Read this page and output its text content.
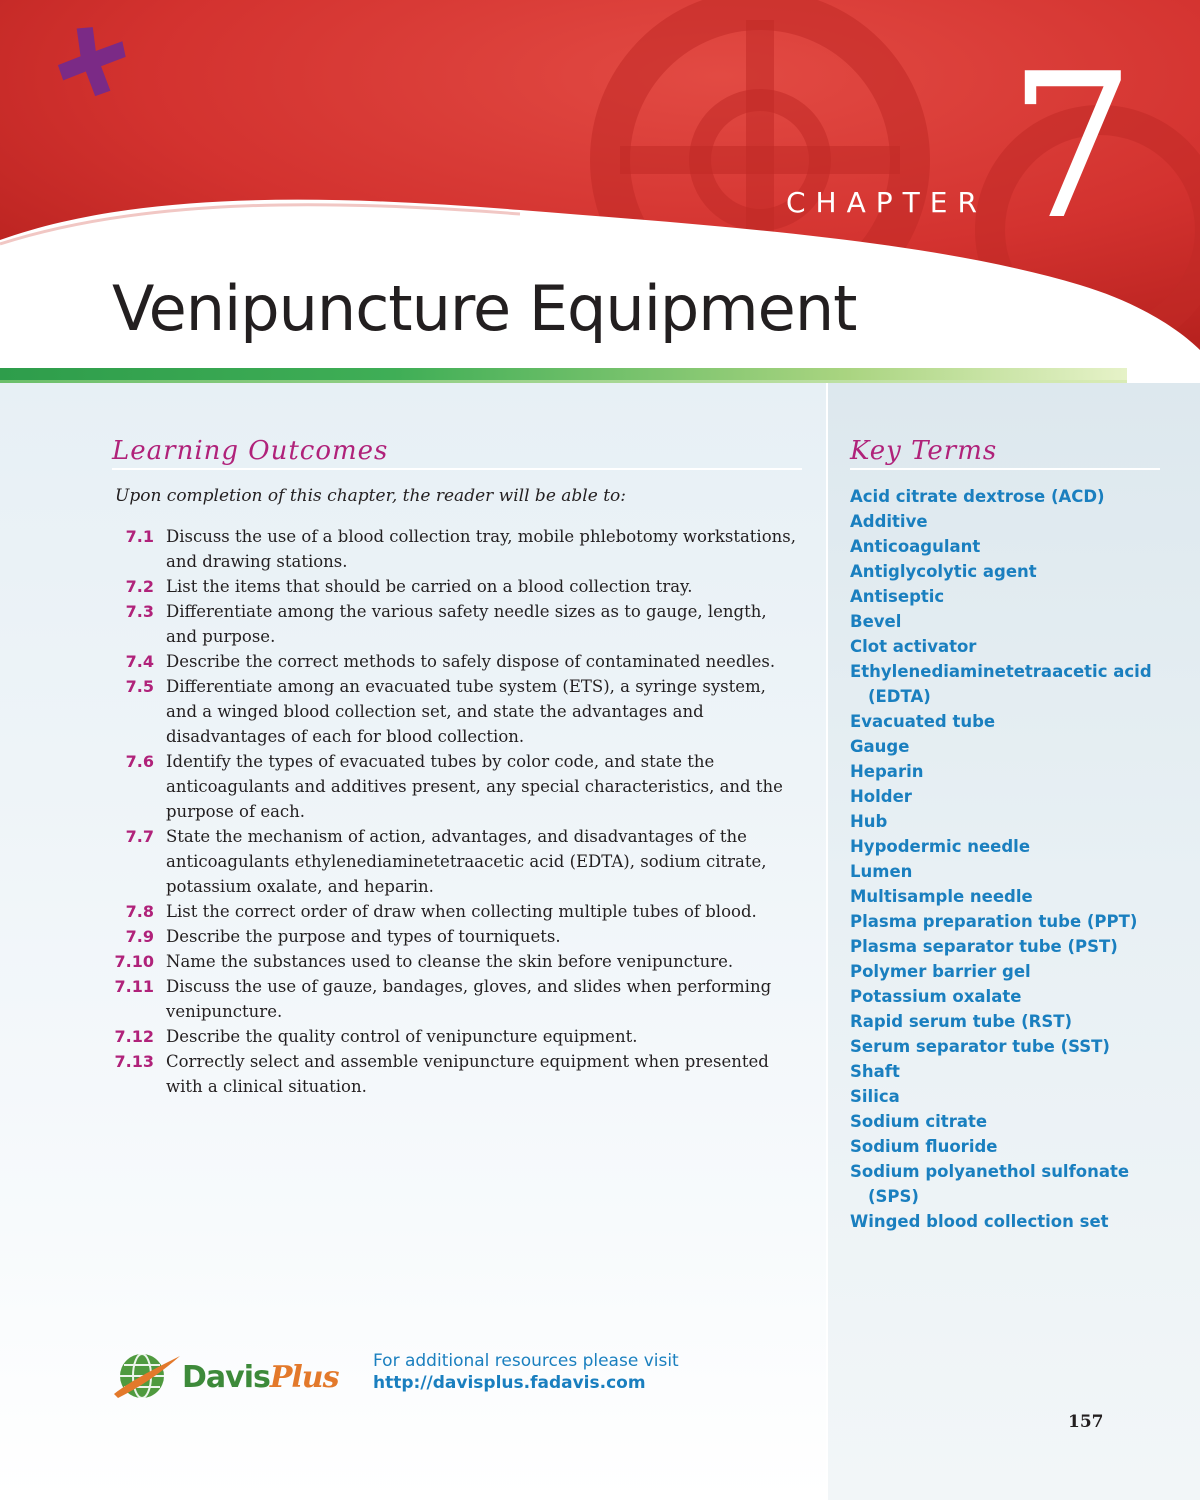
CHAPTER 7
Venipuncture Equipment
Learning Outcomes
Upon completion of this chapter, the reader will be able to:
7.1 Discuss the use of a blood collection tray, mobile phlebotomy workstations, and drawing stations.
7.2 List the items that should be carried on a blood collection tray.
7.3 Differentiate among the various safety needle sizes as to gauge, length, and purpose.
7.4 Describe the correct methods to safely dispose of contaminated needles.
7.5 Differentiate among an evacuated tube system (ETS), a syringe system, and a winged blood collection set, and state the advantages and disadvantages of each for blood collection.
7.6 Identify the types of evacuated tubes by color code, and state the anticoagulants and additives present, any special characteristics, and the purpose of each.
7.7 State the mechanism of action, advantages, and disadvantages of the anticoagulants ethylenediaminetetraacetic acid (EDTA), sodium citrate, potassium oxalate, and heparin.
7.8 List the correct order of draw when collecting multiple tubes of blood.
7.9 Describe the purpose and types of tourniquets.
7.10 Name the substances used to cleanse the skin before venipuncture.
7.11 Discuss the use of gauze, bandages, gloves, and slides when performing venipuncture.
7.12 Describe the quality control of venipuncture equipment.
7.13 Correctly select and assemble venipuncture equipment when presented with a clinical situation.
Key Terms
Acid citrate dextrose (ACD)
Additive
Anticoagulant
Antiglycolytic agent
Antiseptic
Bevel
Clot activator
Ethylenediaminetetraacetic acid (EDTA)
Evacuated tube
Gauge
Heparin
Holder
Hub
Hypodermic needle
Lumen
Multisample needle
Plasma preparation tube (PPT)
Plasma separator tube (PST)
Polymer barrier gel
Potassium oxalate
Rapid serum tube (RST)
Serum separator tube (SST)
Shaft
Silica
Sodium citrate
Sodium fluoride
Sodium polyanethol sulfonate (SPS)
Winged blood collection set
DavisPlus For additional resources please visit
http://davisplus.fadavis.com
157
